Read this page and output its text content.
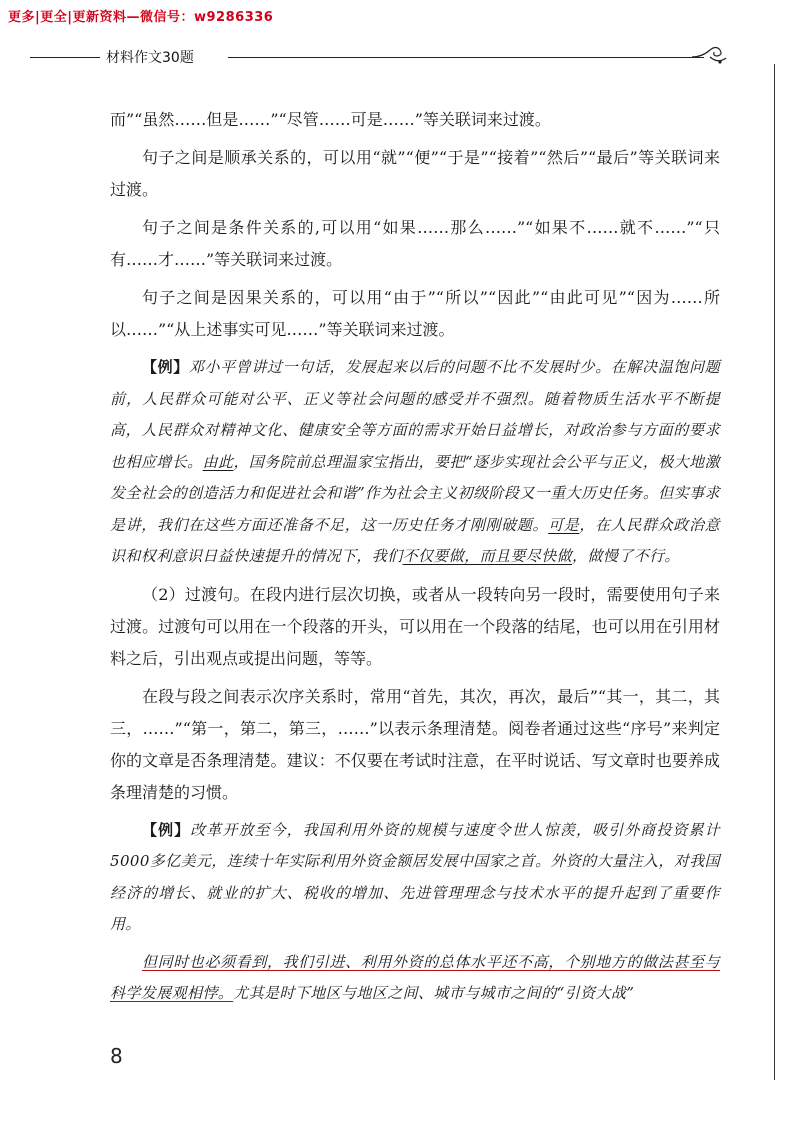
更多|更全|更新资料—微信号：w9286336
材料作文30题

而”“虽然……但是……”“尽管……可是……”等关联词来过渡。

句子之间是顺承关系的，可以用“就”“便”“于是”“接着”“然后”“最后”等关联词来过渡。

句子之间是条件关系的,可以用“如果……那么……”“如果不……就不……”“只有……才……”等关联词来过渡。

句子之间是因果关系的，可以用“由于”“所以”“因此”“由此可见”“因为……所以……”“从上述事实可见……”等关联词来过渡。

【例】邓小平曾讲过一句话，发展起来以后的问题不比不发展时少。在解决温饱问题前，人民群众可能对公平、正义等社会问题的感受并不强烈。随着物质生活水平不断提高，人民群众对精神文化、健康安全等方面的需求开始日益增长，对政治参与方面的要求也相应增长。由此，国务院前总理温家宝指出，要把“逐步实现社会公平与正义，极大地激发全社会的创造活力和促进社会和谐”作为社会主义初级阶段又一重大历史任务。但实事求是讲，我们在这些方面还准备不足，这一历史任务才刚刚破题。可是，在人民群众政治意识和权利意识日益快速提升的情况下，我们不仅要做，而且要尽快做，做慢了不行。

（2）过渡句。在段内进行层次切换，或者从一段转向另一段时，需要使用句子来过渡。过渡句可以用在一个段落的开头，可以用在一个段落的结尾，也可以用在引用材料之后，引出观点或提出问题，等等。

在段与段之间表示次序关系时，常用“首先，其次，再次，最后”“其一，其二，其三，……”“第一，第二，第三，……”以表示条理清楚。阅卷者通过这些“序号”来判定你的文章是否条理清楚。建议：不仅要在考试时注意，在平时说话、写文章时也要养成条理清楚的习惯。

【例】改革开放至今，我国利用外资的规模与速度令世人惊羡，吸引外商投资累计5000多亿美元，连续十年实际利用外资金额居发展中国家之首。外资的大量注入，对我国经济的增长、就业的扩大、税收的增加、先进管理理念与技术水平的提升起到了重要作用。

但同时也必须看到，我们引进、利用外资的总体水平还不高，个别地方的做法甚至与科学发展观相悖。尤其是时下地区与地区之间、城市与城市之间的“引资大战”

8
